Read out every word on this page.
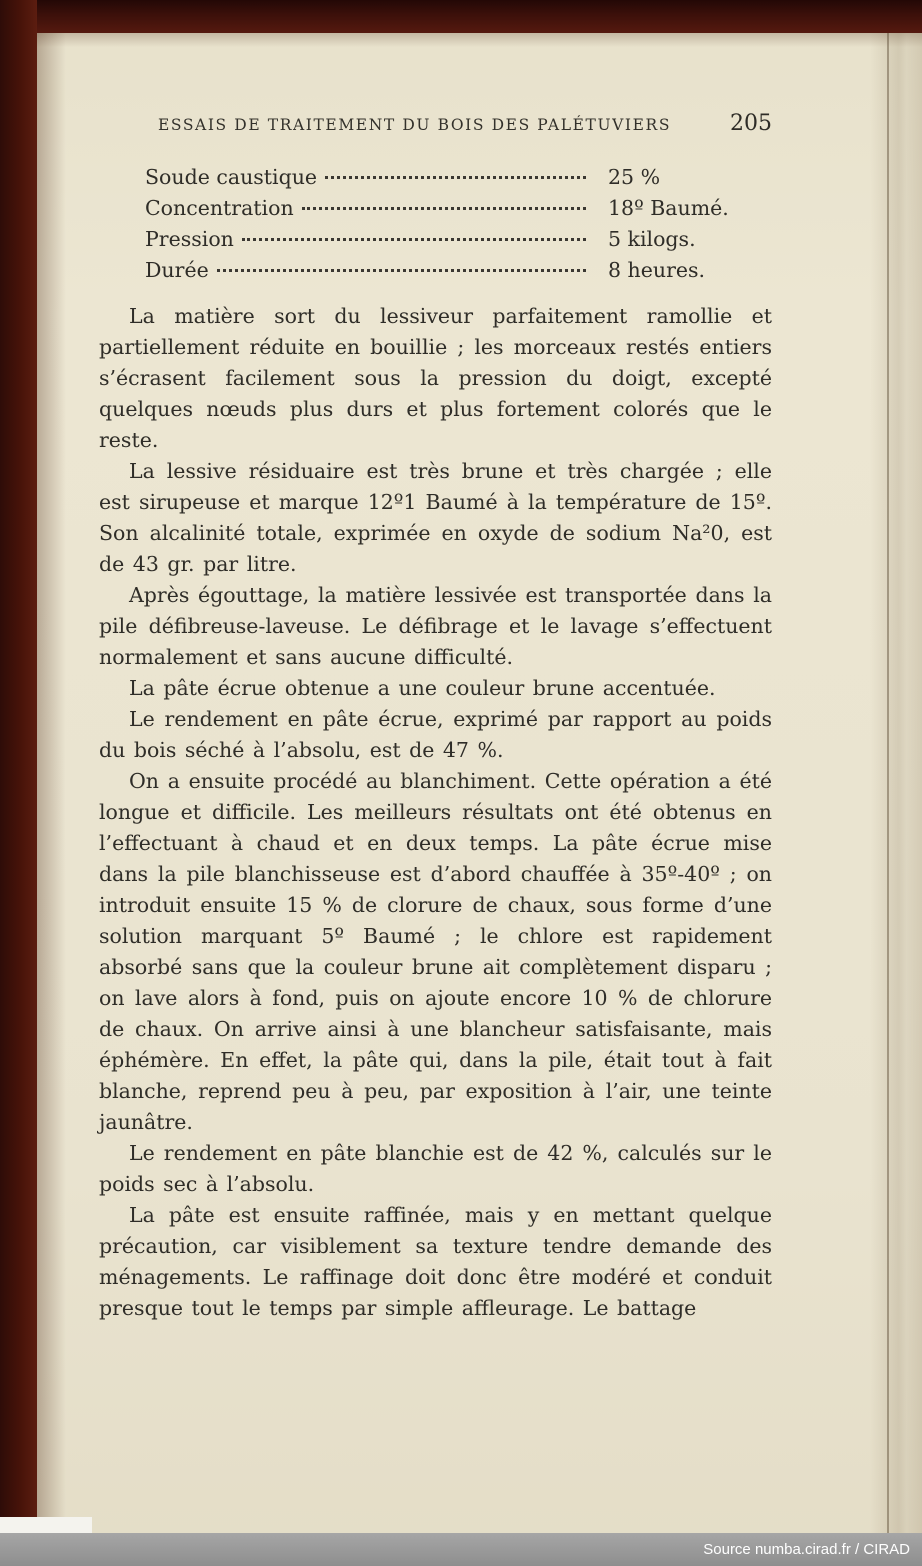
ESSAIS DE TRAITEMENT DU BOIS DES PALÉTUVIERS	205
Soude caustique	25 %
Concentration	18º Baumé.
Pression	5 kilogs.
Durée	8 heures.

La matière sort du lessiveur parfaitement ramollie et partiellement réduite en bouillie ; les morceaux restés entiers s’écrasent facilement sous la pression du doigt, excepté quelques nœuds plus durs et plus fortement colorés que le reste.

La lessive résiduaire est très brune et très chargée ; elle est sirupeuse et marque 12º1 Baumé à la température de 15º. Son alcalinité totale, exprimée en oxyde de sodium Na²0, est de 43 gr. par litre.

Après égouttage, la matière lessivée est transportée dans la pile défibreuse-laveuse. Le défibrage et le lavage s’effectuent normalement et sans aucune difficulté.

La pâte écrue obtenue a une couleur brune accentuée.

Le rendement en pâte écrue, exprimé par rapport au poids du bois séché à l’absolu, est de 47 %.

On a ensuite procédé au blanchiment. Cette opération a été longue et difficile. Les meilleurs résultats ont été obtenus en l’effectuant à chaud et en deux temps. La pâte écrue mise dans la pile blanchisseuse est d’abord chauffée à 35º-40º ; on introduit ensuite 15 % de clorure de chaux, sous forme d’une solution marquant 5º Baumé ; le chlore est rapidement absorbé sans que la couleur brune ait complètement disparu ; on lave alors à fond, puis on ajoute encore 10 % de chlorure de chaux. On arrive ainsi à une blancheur satisfaisante, mais éphémère. En effet, la pâte qui, dans la pile, était tout à fait blanche, reprend peu à peu, par exposition à l’air, une teinte jaunâtre.

Le rendement en pâte blanchie est de 42 %, calculés sur le poids sec à l’absolu.

La pâte est ensuite raffinée, mais y en mettant quelque précaution, car visiblement sa texture tendre demande des ménagements. Le raffinage doit donc être modéré et conduit presque tout le temps par simple affleurage. Le battage

Source numba.cirad.fr / CIRAD
